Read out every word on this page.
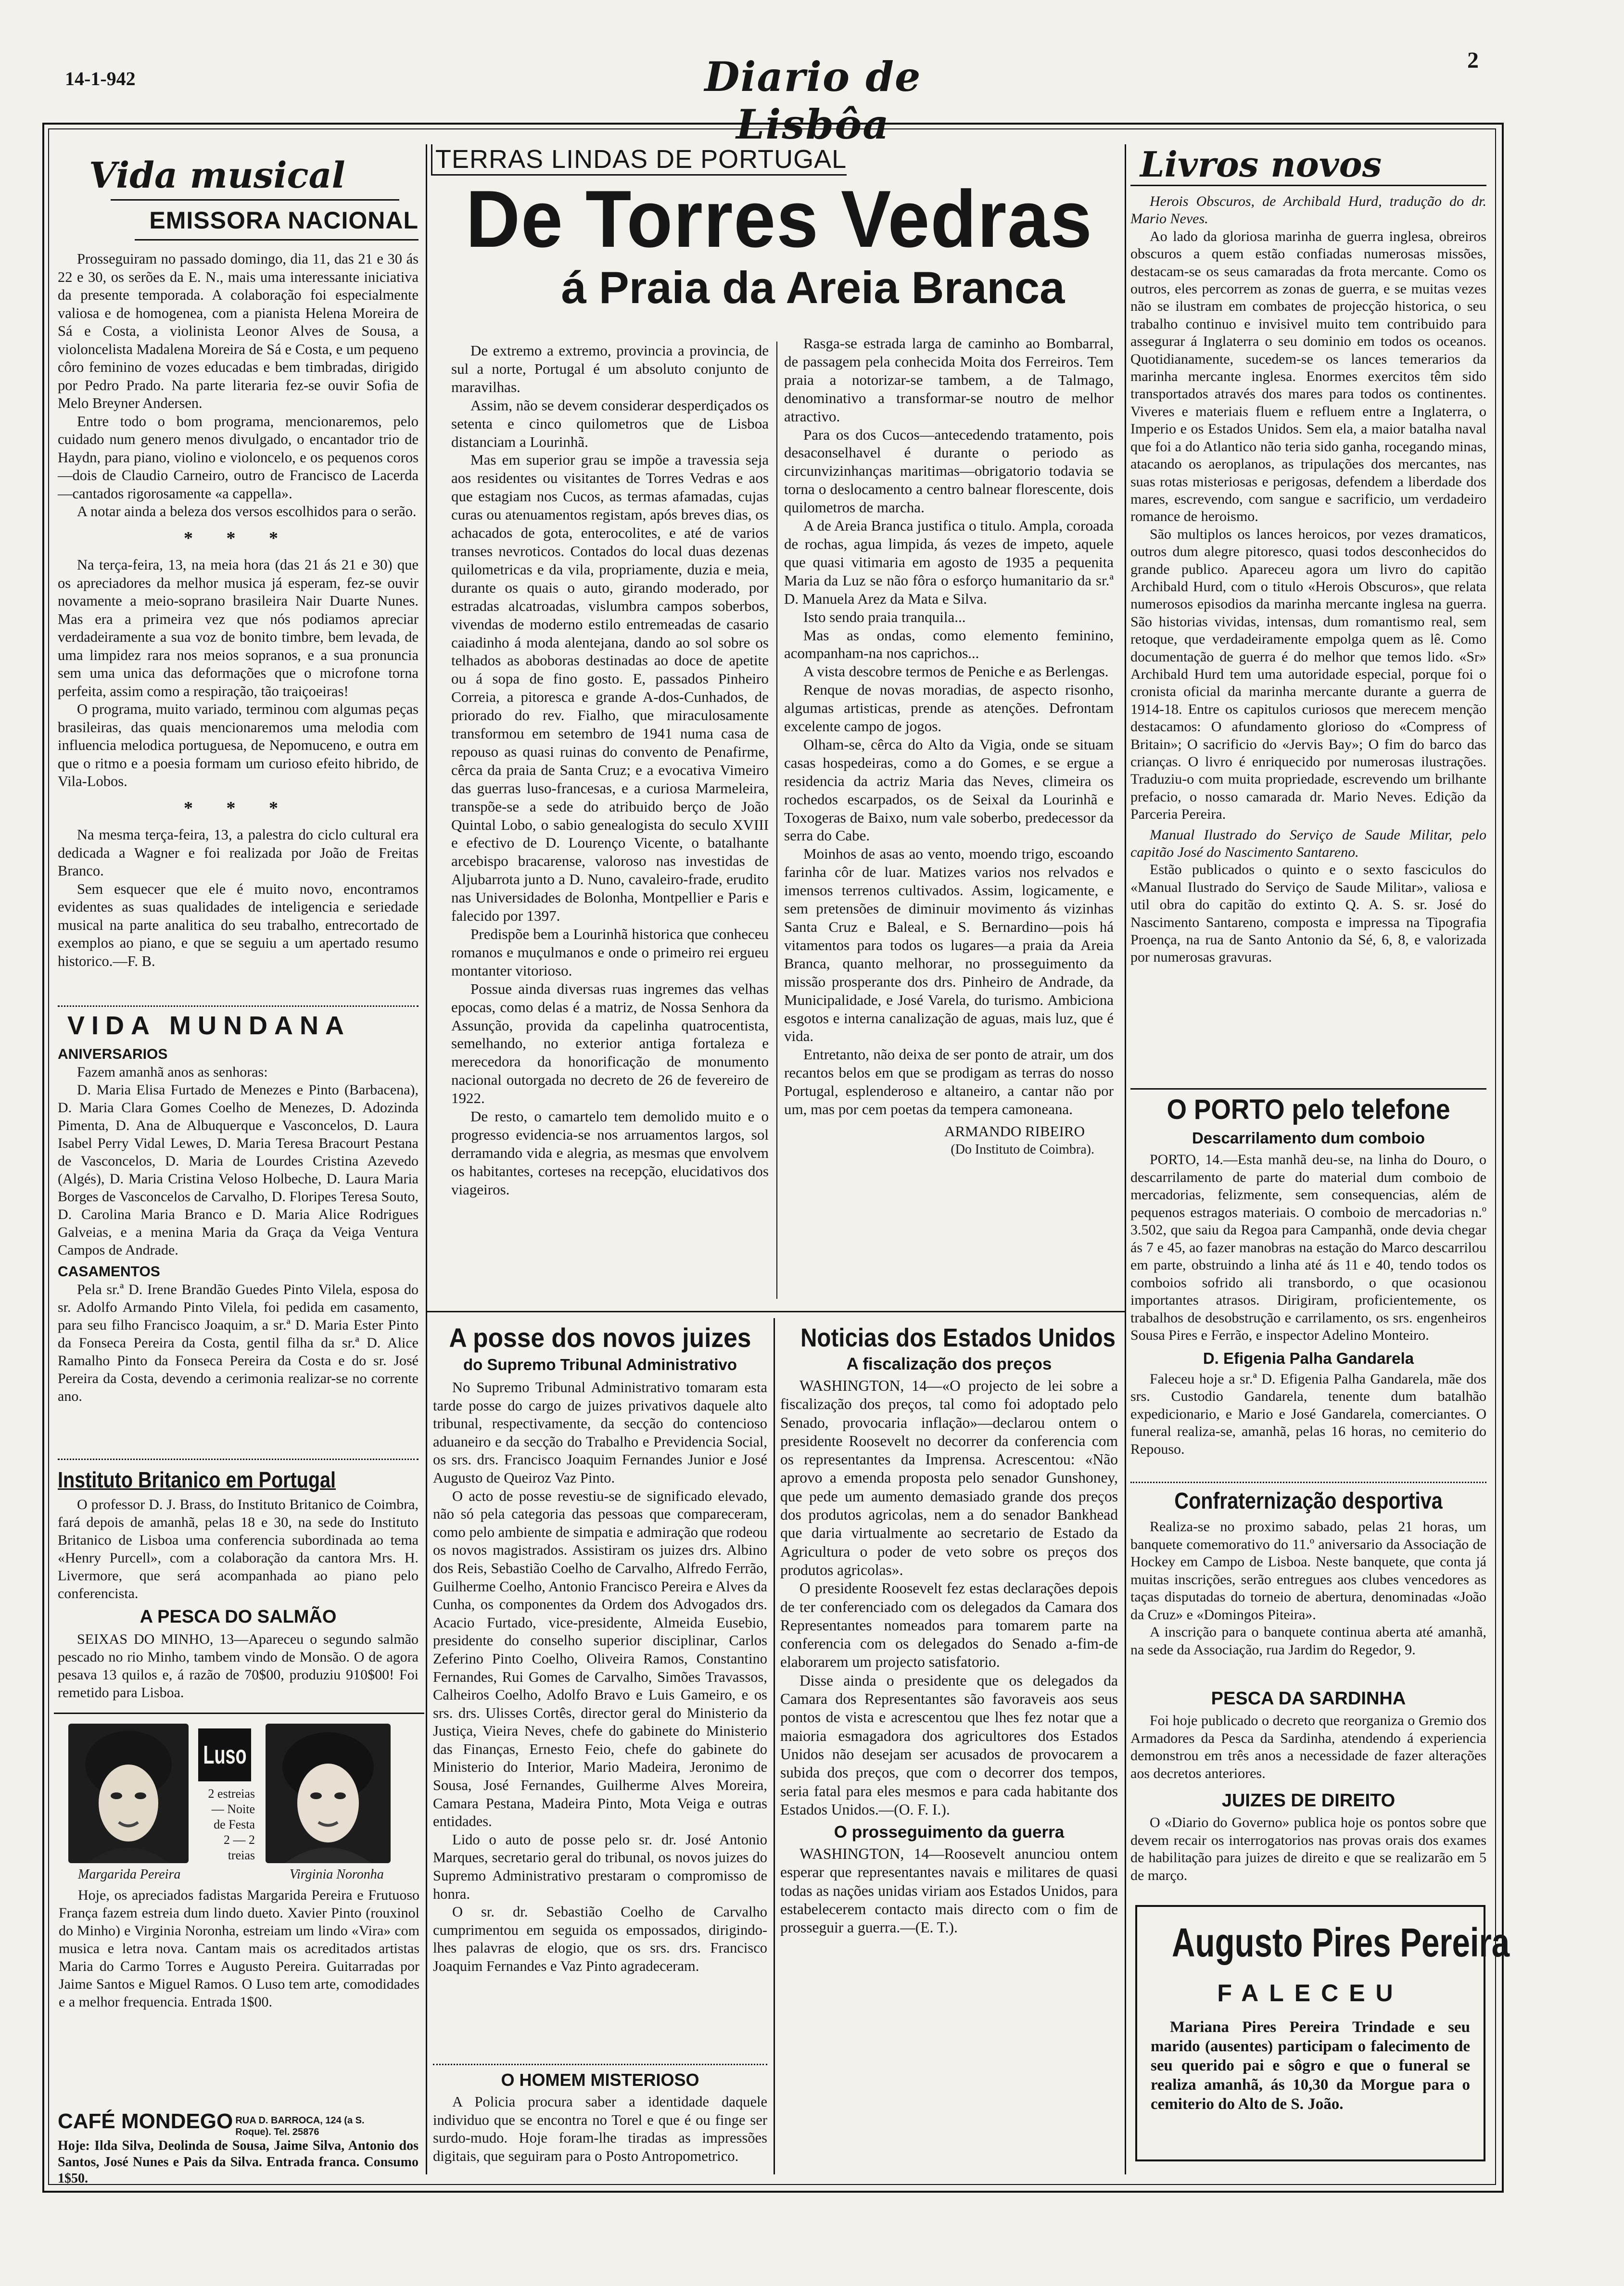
14-1-942	Diario de Lisbôa
2
Vida musical
EMISSORA NACIONAL

Prosseguiram no passado domingo, dia 11, das 21 e 30 ás 22 e 30, os serões da E. N., mais uma interessante iniciativa da presente temporada. A colaboração foi especialmente valiosa e de homogenea, com a pianista Helena Moreira de Sá e Costa, a violinista Leonor Alves de Sousa, a violoncelista Madalena Moreira de Sá e Costa, e um pequeno côro feminino de vozes educadas e bem timbradas, dirigido por Pedro Prado. Na parte literaria fez-se ouvir Sofia de Melo Breyner Andersen.

Entre todo o bom programa, mencionaremos, pelo cuidado num genero menos divulgado, o encantador trio de Haydn, para piano, violino e violoncelo, e os pequenos coros—dois de Claudio Carneiro, outro de Francisco de Lacerda—cantados rigorosamente «a cappella».

A notar ainda a beleza dos versos escolhidos para o serão.

* * *

Na terça-feira, 13, na meia hora (das 21 ás 21 e 30) que os apreciadores da melhor musica já esperam, fez-se ouvir novamente a meio-soprano brasileira Nair Duarte Nunes. Mas era a primeira vez que nós podiamos apreciar verdadeiramente a sua voz de bonito timbre, bem levada, de uma limpidez rara nos meios sopranos, e a sua pronuncia sem uma unica das deformações que o microfone torna perfeita, assim como a respiração, tão traiçoeiras!

O programa, muito variado, terminou com algumas peças brasileiras, das quais mencionaremos uma melodia com influencia melodica portuguesa, de Nepomuceno, e outra em que o ritmo e a poesia formam um curioso efeito hibrido, de Vila-Lobos.

* * *

Na mesma terça-feira, 13, a palestra do ciclo cultural era dedicada a Wagner e foi realizada por João de Freitas Branco.

Sem esquecer que ele é muito novo, encontramos evidentes as suas qualidades de inteligencia e seriedade musical na parte analitica do seu trabalho, entrecortado de exemplos ao piano, e que se seguiu a um apertado resumo historico.—F. B.

VIDA MUNDANA
ANIVERSARIOS

Fazem amanhã anos as senhoras:

D. Maria Elisa Furtado de Menezes e Pinto (Barbacena), D. Maria Clara Gomes Coelho de Menezes, D. Adozinda Pimenta, D. Ana de Albuquerque e Vasconcelos, D. Laura Isabel Perry Vidal Lewes, D. Maria Teresa Bracourt Pestana de Vasconcelos, D. Maria de Lourdes Cristina Azevedo (Algés), D. Maria Cristina Veloso Holbeche, D. Laura Maria Borges de Vasconcelos de Carvalho, D. Floripes Teresa Souto, D. Carolina Maria Branco e D. Maria Alice Rodrigues Galveias, e a menina Maria da Graça da Veiga Ventura Campos de Andrade.

CASAMENTOS

Pela sr.ª D. Irene Brandão Guedes Pinto Vilela, esposa do sr. Adolfo Armando Pinto Vilela, foi pedida em casamento, para seu filho Francisco Joaquim, a sr.ª D. Maria Ester Pinto da Fonseca Pereira da Costa, gentil filha da sr.ª D. Alice Ramalho Pinto da Fonseca Pereira da Costa e do sr. José Pereira da Costa, devendo a cerimonia realizar-se no corrente ano.

Instituto Britanico em Portugal

O professor D. J. Brass, do Instituto Britanico de Coimbra, fará depois de amanhã, pelas 18 e 30, na sede do Instituto Britanico de Lisboa uma conferencia subordinada ao tema «Henry Purcell», com a colaboração da cantora Mrs. H. Livermore, que será acompanhada ao piano pelo conferencista.

A PESCA DO SALMÃO

SEIXAS DO MINHO, 13—Apareceu o segundo salmão pescado no rio Minho, tambem vindo de Monsão. O de agora pesava 13 quilos e, á razão de 70$00, produziu 910$00! Foi remetido para Lisboa.

Luso
2 estreias
— Noite
de Festa
2 — 2
treias
Margarida Pereira	Virginia Noronha

Hoje, os apreciados fadistas Margarida Pereira e Frutuoso França fazem estreia dum lindo dueto. Xavier Pinto (rouxinol do Minho) e Virginia Noronha, estreiam um lindo «Vira» com musica e letra nova. Cantam mais os acreditados artistas Maria do Carmo Torres e Augusto Pereira. Guitarradas por Jaime Santos e Miguel Ramos. O Luso tem arte, comodidades e a melhor frequencia. Entrada 1$00.

CAFÉ MONDEGO RUA D. BARROCA, 124 (a S. Roque). Tel. 25876

Hoje: Ilda Silva, Deolinda de Sousa, Jaime Silva, Antonio dos Santos, José Nunes e Pais da Silva. Entrada franca. Consumo 1$50.

TERRAS LINDAS DE PORTUGAL
De Torres Vedras
á Praia da Areia Branca

De extremo a extremo, provincia a provincia, de sul a norte, Portugal é um absoluto conjunto de maravilhas.

Assim, não se devem considerar desperdiçados os setenta e cinco quilometros que de Lisboa distanciam a Lourinhã.

Mas em superior grau se impõe a travessia seja aos residentes ou visitantes de Torres Vedras e aos que estagiam nos Cucos, as termas afamadas, cujas curas ou atenuamentos registam, após breves dias, os achacados de gota, enterocolites, e até de varios transes nevroticos. Contados do local duas dezenas quilometricas e da vila, propriamente, duzia e meia, durante os quais o auto, girando moderado, por estradas alcatroadas, vislumbra campos soberbos, vivendas de moderno estilo entremeadas de casario caiadinho á moda alentejana, dando ao sol sobre os telhados as aboboras destinadas ao doce de apetite ou á sopa de fino gosto. E, passados Pinheiro Correia, a pitoresca e grande A-dos-Cunhados, de priorado do rev. Fialho, que miraculosamente transformou em setembro de 1941 numa casa de repouso as quasi ruinas do convento de Penafirme, cêrca da praia de Santa Cruz; e a evocativa Vimeiro das guerras luso-francesas, e a curiosa Marmeleira, transpõe-se a sede do atribuido berço de João Quintal Lobo, o sabio genealogista do seculo XVIII e efectivo de D. Lourenço Vicente, o batalhante arcebispo bracarense, valoroso nas investidas de Aljubarrota junto a D. Nuno, cavaleiro-frade, erudito nas Universidades de Bolonha, Montpellier e Paris e falecido por 1397.

Predispõe bem a Lourinhã historica que conheceu romanos e muçulmanos e onde o primeiro rei ergueu montanter vitorioso.

Possue ainda diversas ruas ingremes das velhas epocas, como delas é a matriz, de Nossa Senhora da Assunção, provida da capelinha quatrocentista, semelhando, no exterior antiga fortaleza e merecedora da honorificação de monumento nacional outorgada no decreto de 26 de fevereiro de 1922.

De resto, o camartelo tem demolido muito e o progresso evidencia-se nos arruamentos largos, sol derramando vida e alegria, as mesmas que envolvem os habitantes, corteses na recepção, elucidativos dos viageiros.

Rasga-se estrada larga de caminho ao Bombarral, de passagem pela conhecida Moita dos Ferreiros. Tem praia a notorizar-se tambem, a de Talmago, denominativo a transformar-se noutro de melhor atractivo.

Para os dos Cucos—antecedendo tratamento, pois desaconselhavel é durante o periodo as circunvizinhanças maritimas—obrigatorio todavia se torna o deslocamento a centro balnear florescente, dois quilometros de marcha.

A de Areia Branca justifica o titulo. Ampla, coroada de rochas, agua limpida, ás vezes de impeto, aquele que quasi vitimaria em agosto de 1935 a pequenita Maria da Luz se não fôra o esforço humanitario da sr.ª D. Manuela Arez da Mata e Silva.

Isto sendo praia tranquila...

Mas as ondas, como elemento feminino, acompanham-na nos caprichos...

A vista descobre termos de Peniche e as Berlengas.

Renque de novas moradias, de aspecto risonho, algumas artisticas, prende as atenções. Defrontam excelente campo de jogos.

Olham-se, cêrca do Alto da Vigia, onde se situam casas hospedeiras, como a do Gomes, e se ergue a residencia da actriz Maria das Neves, climeira os rochedos escarpados, os de Seixal da Lourinhã e Toxogeras de Baixo, num vale soberbo, predecessor da serra do Cabe.

Moinhos de asas ao vento, moendo trigo, escoando farinha côr de luar. Matizes varios nos relvados e imensos terrenos cultivados. Assim, logicamente, e sem pretensões de diminuir movimento ás vizinhas Santa Cruz e Baleal, e S. Bernardino—pois há vitamentos para todos os lugares—a praia da Areia Branca, quanto melhorar, no prosseguimento da missão prosperante dos drs. Pinheiro de Andrade, da Municipalidade, e José Varela, do turismo. Ambiciona esgotos e interna canalização de aguas, mais luz, que é vida.

Entretanto, não deixa de ser ponto de atrair, um dos recantos belos em que se prodigam as terras do nosso Portugal, esplenderoso e altaneiro, a cantar não por um, mas por cem poetas da tempera camoneana.

ARMANDO RIBEIRO
(Do Instituto de Coimbra).
A posse dos novos juizes
do Supremo Tribunal Administrativo

No Supremo Tribunal Administrativo tomaram esta tarde posse do cargo de juizes privativos daquele alto tribunal, respectivamente, da secção do contencioso aduaneiro e da secção do Trabalho e Previdencia Social, os srs. drs. Francisco Joaquim Fernandes Junior e José Augusto de Queiroz Vaz Pinto.

O acto de posse revestiu-se de significado elevado, não só pela categoria das pessoas que compareceram, como pelo ambiente de simpatia e admiração que rodeou os novos magistrados. Assistiram os juizes drs. Albino dos Reis, Sebastião Coelho de Carvalho, Alfredo Ferrão, Guilherme Coelho, Antonio Francisco Pereira e Alves da Cunha, os componentes da Ordem dos Advogados drs. Acacio Furtado, vice-presidente, Almeida Eusebio, presidente do conselho superior disciplinar, Carlos Zeferino Pinto Coelho, Oliveira Ramos, Constantino Fernandes, Rui Gomes de Carvalho, Simões Travassos, Calheiros Coelho, Adolfo Bravo e Luis Gameiro, e os srs. drs. Ulisses Cortês, director geral do Ministerio da Justiça, Vieira Neves, chefe do gabinete do Ministerio das Finanças, Ernesto Feio, chefe do gabinete do Ministerio do Interior, Mario Madeira, Jeronimo de Sousa, José Fernandes, Guilherme Alves Moreira, Camara Pestana, Madeira Pinto, Mota Veiga e outras entidades.

Lido o auto de posse pelo sr. dr. José Antonio Marques, secretario geral do tribunal, os novos juizes do Supremo Administrativo prestaram o compromisso de honra.

O sr. dr. Sebastião Coelho de Carvalho cumprimentou em seguida os empossados, dirigindo-lhes palavras de elogio, que os srs. drs. Francisco Joaquim Fernandes e Vaz Pinto agradeceram.

O HOMEM MISTERIOSO

A Policia procura saber a identidade daquele individuo que se encontra no Torel e que é ou finge ser surdo-mudo. Hoje foram-lhe tiradas as impressões digitais, que seguiram para o Posto Antropometrico.

Noticias dos Estados Unidos
A fiscalização dos preços

WASHINGTON, 14—«O projecto de lei sobre a fiscalização dos preços, tal como foi adoptado pelo Senado, provocaria inflação»—declarou ontem o presidente Roosevelt no decorrer da conferencia com os representantes da Imprensa. Acrescentou: «Não aprovo a emenda proposta pelo senador Gunshoney, que pede um aumento demasiado grande dos preços dos produtos agricolas, nem a do senador Bankhead que daria virtualmente ao secretario de Estado da Agricultura o poder de veto sobre os preços dos produtos agricolas».

O presidente Roosevelt fez estas declarações depois de ter conferenciado com os delegados da Camara dos Representantes nomeados para tomarem parte na conferencia com os delegados do Senado a-fim-de elaborarem um projecto satisfatorio.

Disse ainda o presidente que os delegados da Camara dos Representantes são favoraveis aos seus pontos de vista e acrescentou que lhes fez notar que a maioria esmagadora dos agricultores dos Estados Unidos não desejam ser acusados de provocarem a subida dos preços, que com o decorrer dos tempos, seria fatal para eles mesmos e para cada habitante dos Estados Unidos.—(O. F. I.).

O prosseguimento da guerra

WASHINGTON, 14—Roosevelt anunciou ontem esperar que representantes navais e militares de quasi todas as nações unidas viriam aos Estados Unidos, para estabelecerem contacto mais directo com o fim de prosseguir a guerra.—(E. T.).

Livros novos

Herois Obscuros, de Archibald Hurd, tradução do dr. Mario Neves.

Ao lado da gloriosa marinha de guerra inglesa, obreiros obscuros a quem estão confiadas numerosas missões, destacam-se os seus camaradas da frota mercante. Como os outros, eles percorrem as zonas de guerra, e se muitas vezes não se ilustram em combates de projecção historica, o seu trabalho continuo e invisivel muito tem contribuido para assegurar á Inglaterra o seu dominio em todos os oceanos. Quotidianamente, sucedem-se os lances temerarios da marinha mercante inglesa. Enormes exercitos têm sido transportados através dos mares para todos os continentes. Viveres e materiais fluem e refluem entre a Inglaterra, o Imperio e os Estados Unidos. Sem ela, a maior batalha naval que foi a do Atlantico não teria sido ganha, rocegando minas, atacando os aeroplanos, as tripulações dos mercantes, nas suas rotas misteriosas e perigosas, defendem a liberdade dos mares, escrevendo, com sangue e sacrificio, um verdadeiro romance de heroismo.

São multiplos os lances heroicos, por vezes dramaticos, outros dum alegre pitoresco, quasi todos desconhecidos do grande publico. Apareceu agora um livro do capitão Archibald Hurd, com o titulo «Herois Obscuros», que relata numerosos episodios da marinha mercante inglesa na guerra. São historias vividas, intensas, dum romantismo real, sem retoque, que verdadeiramente empolga quem as lê. Como documentação de guerra é do melhor que temos lido. «Sr» Archibald Hurd tem uma autoridade especial, porque foi o cronista oficial da marinha mercante durante a guerra de 1914-18. Entre os capitulos curiosos que merecem menção destacamos: O afundamento glorioso do «Compress of Britain»; O sacrificio do «Jervis Bay»; O fim do barco das crianças. O livro é enriquecido por numerosas ilustrações. Traduziu-o com muita propriedade, escrevendo um brilhante prefacio, o nosso camarada dr. Mario Neves. Edição da Parceria Pereira.

Manual Ilustrado do Serviço de Saude Militar, pelo capitão José do Nascimento Santareno.

Estão publicados o quinto e o sexto fasciculos do «Manual Ilustrado do Serviço de Saude Militar», valiosa e util obra do capitão do extinto Q. A. S. sr. José do Nascimento Santareno, composta e impressa na Tipografia Proença, na rua de Santo Antonio da Sé, 6, 8, e valorizada por numerosas gravuras.

O PORTO pelo telefone
Descarrilamento dum comboio

PORTO, 14.—Esta manhã deu-se, na linha do Douro, o descarrilamento de parte do material dum comboio de mercadorias, felizmente, sem consequencias, além de pequenos estragos materiais. O comboio de mercadorias n.º 3.502, que saiu da Regoa para Campanhã, onde devia chegar ás 7 e 45, ao fazer manobras na estação do Marco descarrilou em parte, obstruindo a linha até ás 11 e 40, tendo todos os comboios sofrido ali transbordo, o que ocasionou importantes atrasos. Dirigiram, proficientemente, os trabalhos de desobstrução e carrilamento, os srs. engenheiros Sousa Pires e Ferrão, e inspector Adelino Monteiro.

D. Efigenia Palha Gandarela

Faleceu hoje a sr.ª D. Efigenia Palha Gandarela, mãe dos srs. Custodio Gandarela, tenente dum batalhão expedicionario, e Mario e José Gandarela, comerciantes. O funeral realiza-se, amanhã, pelas 16 horas, no cemiterio do Repouso.

Confraternização desportiva

Realiza-se no proximo sabado, pelas 21 horas, um banquete comemorativo do 11.º aniversario da Associação de Hockey em Campo de Lisboa. Neste banquete, que conta já muitas inscrições, serão entregues aos clubes vencedores as taças disputadas do torneio de abertura, denominadas «João da Cruz» e «Domingos Piteira».

A inscrição para o banquete continua aberta até amanhã, na sede da Associação, rua Jardim do Regedor, 9.

PESCA DA SARDINHA

Foi hoje publicado o decreto que reorganiza o Gremio dos Armadores da Pesca da Sardinha, atendendo á experiencia demonstrou em três anos a necessidade de fazer alterações aos decretos anteriores.

JUIZES DE DIREITO

O «Diario do Governo» publica hoje os pontos sobre que devem recair os interrogatorios nas provas orais dos exames de habilitação para juizes de direito e que se realizarão em 5 de março.

Augusto Pires Pereira
FALECEU

Mariana Pires Pereira Trindade e seu marido (ausentes) participam o falecimento de seu querido pai e sôgro e que o funeral se realiza amanhã, ás 10,30 da Morgue para o cemiterio do Alto de S. João.
